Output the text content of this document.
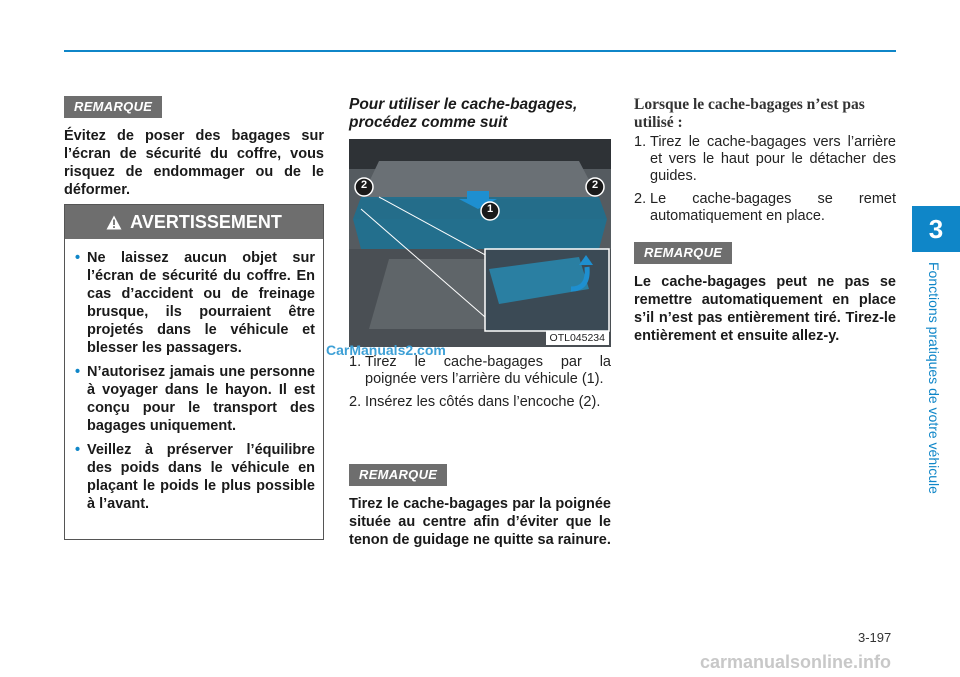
3
Fonctions pratiques de votre véhicule
REMARQUE
Évitez de poser des bagages sur l’écran de sécurité du coffre, vous risquez de endommager ou de le déformer.
AVERTISSEMENT
• Ne laissez aucun objet sur l’écran de sécurité du coffre. En cas d’accident ou de freinage brusque, ils pourraient être projetés dans le véhicule et blesser les passagers.
• N’autorisez jamais une personne à voyager dans le hayon. Il est conçu pour le transport des bagages uniquement.
• Veillez à préserver l’équilibre des poids dans le véhicule en plaçant le poids le plus possible à l’avant.
Pour utiliser le cache-bagages, procédez comme suit
2	2
1
OTL045234
CarManuals2.com
1. Tirez le cache-bagages par la poignée vers l’arrière du véhicule (1).
2. Insérez les côtés dans l’encoche (2).
REMARQUE
Tirez le cache-bagages par la poignée située au centre afin d’éviter que le tenon de guidage ne quitte sa rainure.
Lorsque le cache-bagages n’est pas utilisé :
1. Tirez le cache-bagages vers l’arrière et vers le haut pour le détacher des guides.
2. Le cache-bagages se remet automatiquement en place.
REMARQUE
Le cache-bagages peut ne pas se remettre automatiquement en place s’il n’est pas entièrement tiré. Tirez-le entièrement et ensuite allez-y.
3-197
carmanualsonline.info
